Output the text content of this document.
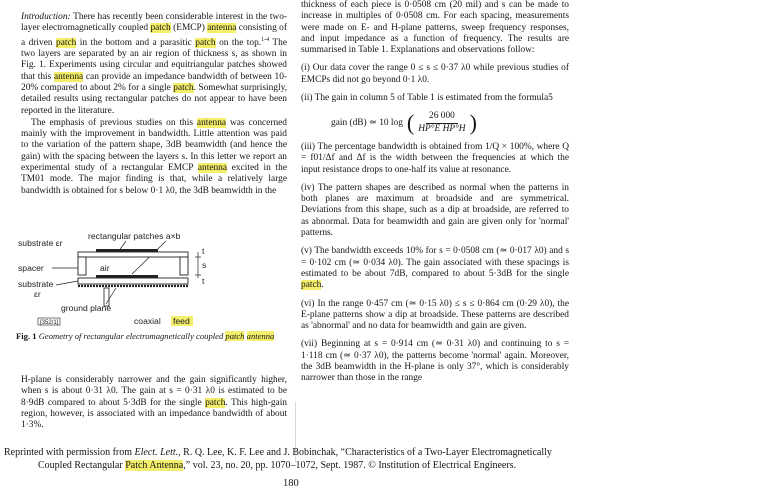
Introduction: There has recently been considerable interest in the two-layer electromagnetically coupled patch (EMCP) antenna consisting of a driven patch in the bottom and a parasitic patch on the top.$^{1-4}$ The two layers are separated by an air region of thickness s, as shown in Fig. 1. Experiments using circular and equitriangular patches showed that this antenna can provide an impedance bandwidth of between 10-20% compared to about 2% for a single patch. Somewhat surprisingly, detailed results using rectangular patches do not appear to have been reported in the literature.

The emphasis of previous studies on this antenna was concerned mainly with the improvement in bandwidth. Little attention was paid to the variation of the pattern shape, 3dB beamwidth (and hence the gain) with the spacing between the layers s. In this letter we report an experimental study of a rectangular EMCP antenna excited in the TM01 mode. The major finding is that, while a relatively large bandwidth is obtained for s below 0·1 λ0, the 3dB beamwidth in the

substrate εr
rectangular patches a×b
spacer	air
substrate
εr
t
s
t
ground plane
[352/1]	coaxial feed
Fig. 1 Geometry of rectangular electromagnetically coupled patch antenna
H-plane is considerably narrower and the gain significantly higher, when s is about 0·31 λ0. The gain at s = 0·31 λ0 is estimated to be 8·9dB compared to about 5·3dB for the single patch. This high-gain region, however, is associated with an impedance bandwidth of about 1·3%.

thickness of each piece is 0·0508 cm (20 mil) and s can be made to increase in multiples of 0·0508 cm. For each spacing, measurements were made on E- and H-plane patterns, sweep frequency responses, and input impedance as a function of frequency. The results are summarised in Table 1. Explanations and observations follow:

(i) Our data cover the range 0 ≤ s ≤ 0·37 λ0 while previous studies of EMCPs did not go beyond 0·1 λ0.

(ii) The gain in column 5 of Table 1 is estimated from the formula5

gain (dB) ≃ 10 log ( $\frac{26 000}{\text{HP°E HP°H}}$ )

(iii) The percentage bandwidth is obtained from 1/Q × 100%, where Q = f01/Δf and Δf is the width between the frequencies at which the input resistance drops to one-half its value at resonance.

(iv) The pattern shapes are described as normal when the patterns in both planes are maximum at broadside and are symmetrical. Deviations from this shape, such as a dip at broadside, are referred to as abnormal. Data for beamwidth and gain are given only for 'normal' patterns.

(v) The bandwidth exceeds 10% for s = 0·0508 cm (≃ 0·017 λ0) and s = 0·102 cm (≃ 0·034 λ0). The gain associated with these spacings is estimated to be about 7dB, compared to about 5·3dB for the single patch.

(vi) In the range 0·457 cm (≃ 0·15 λ0) ≤ s ≤ 0·864 cm (0·29 λ0), the E-plane patterns show a dip at broadside. These patterns are described as 'abnormal' and no data for beamwidth and gain are given.

(vii) Beginning at s = 0·914 cm (≃ 0·31 λ0) and continuing to s = 1·118 cm (≃ 0·37 λ0), the patterns become 'normal' again. Moreover, the 3dB beamwidth in the H-plane is only 37°, which is considerably narrower than those in the range

Reprinted with permission from Elect. Lett., R. Q. Lee, K. F. Lee and J. Bobinchak, “Characteristics of a Two-Layer Electromagnetically
Coupled Rectangular Patch Antenna,” vol. 23, no. 20, pp. 1070–1072, Sept. 1987. © Institution of Electrical Engineers.
180
